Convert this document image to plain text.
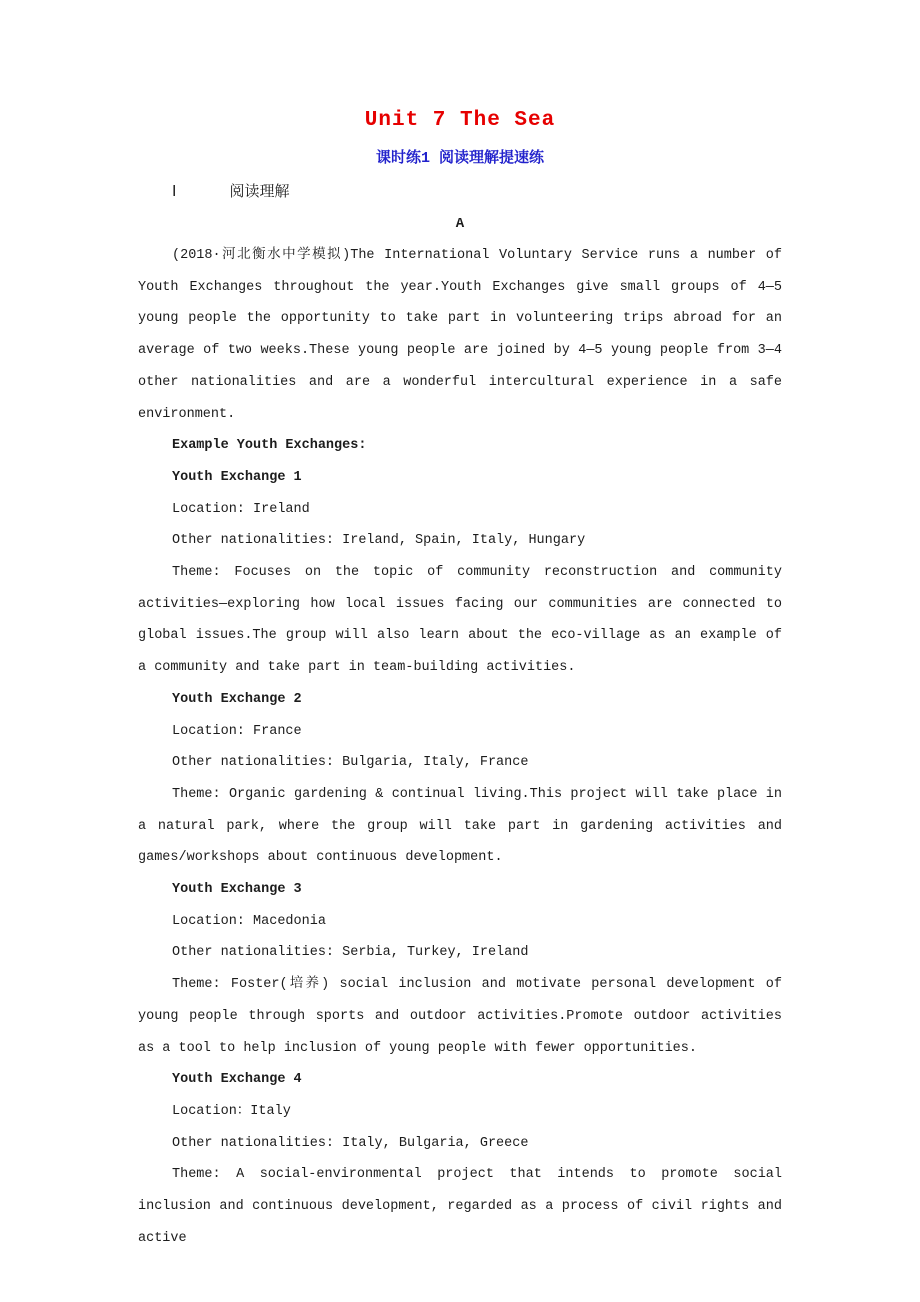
Unit 7 The Sea
课时练1 阅读理解提速练
Ⅰ	阅读理解
A

(2018·河北衡水中学模拟)The International Voluntary Service runs a number of Youth Exchanges throughout the year.Youth Exchanges give small groups of 4—5 young people the opportunity to take part in volunteering trips abroad for an average of two weeks.These young people are joined by 4—5 young people from 3—4 other nationalities and are a wonderful intercultural experience in a safe environment.

Example Youth Exchanges:

Youth Exchange 1

Location: Ireland

Other nationalities: Ireland, Spain, Italy, Hungary

Theme: Focuses on the topic of community reconstruction and community activities—exploring how local issues facing our communities are connected to global issues.The group will also learn about the eco-village as an example of a community and take part in team-building activities.

Youth Exchange 2

Location: France

Other nationalities: Bulgaria, Italy, France

Theme: Organic gardening & continual living.This project will take place in a natural park, where the group will take part in gardening activities and games/workshops about continuous development.

Youth Exchange 3

Location: Macedonia

Other nationalities: Serbia, Turkey, Ireland

Theme: Foster(培养) social inclusion and motivate personal development of young people through sports and outdoor activities.Promote outdoor activities as a tool to help inclusion of young people with fewer opportunities.

Youth Exchange 4

Location：Italy

Other nationalities: Italy, Bulgaria, Greece

Theme: A social-environmental project that intends to promote social inclusion and continuous development, regarded as a process of civil rights and active
